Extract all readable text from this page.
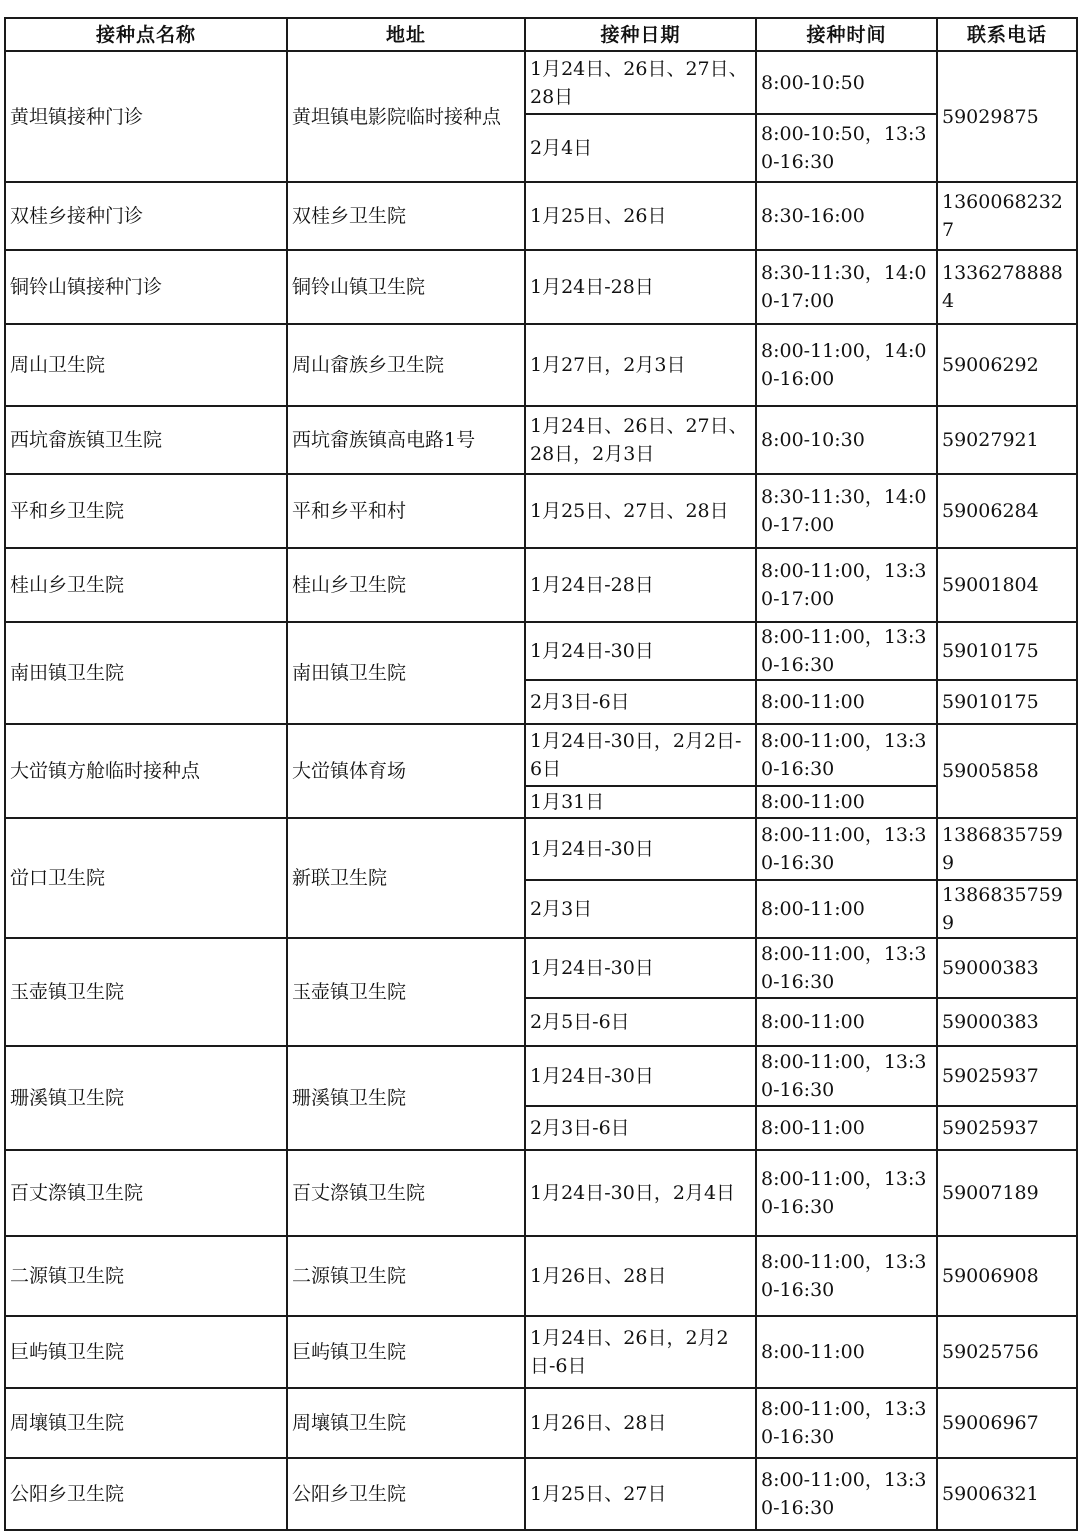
接种点名称	地址	接种日期	接种时间	联系电话
黄坦镇接种门诊	黄坦镇电影院临时接种点	1月24日、26日、27日、28日	8:00-10:50	59029875
		2月4日	8:00-10:50，13:30-16:30	
双桂乡接种门诊	双桂乡卫生院	1月25日、26日	8:30-16:00	13600682327
铜铃山镇接种门诊	铜铃山镇卫生院	1月24日-28日	8:30-11:30，14:00-17:00	13362788884
周山卫生院	周山畲族乡卫生院	1月27日，2月3日	8:00-11:00，14:00-16:00	59006292
西坑畲族镇卫生院	西坑畲族镇高电路1号	1月24日、26日、27日、28日，2月3日	8:00-10:30	59027921
平和乡卫生院	平和乡平和村	1月25日、27日、28日	8:30-11:30，14:00-17:00	59006284
桂山乡卫生院	桂山乡卫生院	1月24日-28日	8:00-11:00，13:30-17:00	59001804
南田镇卫生院	南田镇卫生院	1月24日-30日	8:00-11:00，13:30-16:30	59010175
		2月3日-6日	8:00-11:00	59010175
大峃镇方舱临时接种点	大峃镇体育场	1月24日-30日，2月2日-6日	8:00-11:00，13:30-16:30	59005858
		1月31日	8:00-11:00	
峃口卫生院	新联卫生院	1月24日-30日	8:00-11:00，13:30-16:30	13868357599
		2月3日	8:00-11:00	13868357599
玉壶镇卫生院	玉壶镇卫生院	1月24日-30日	8:00-11:00，13:30-16:30	59000383
		2月5日-6日	8:00-11:00	59000383
珊溪镇卫生院	珊溪镇卫生院	1月24日-30日	8:00-11:00，13:30-16:30	59025937
		2月3日-6日	8:00-11:00	59025937
百丈漈镇卫生院	百丈漈镇卫生院	1月24日-30日，2月4日	8:00-11:00，13:30-16:30	59007189
二源镇卫生院	二源镇卫生院	1月26日、28日	8:00-11:00，13:30-16:30	59006908
巨屿镇卫生院	巨屿镇卫生院	1月24日、26日，2月2日-6日	8:00-11:00	59025756
周壤镇卫生院	周壤镇卫生院	1月26日、28日	8:00-11:00，13:30-16:30	59006967
公阳乡卫生院	公阳乡卫生院	1月25日、27日	8:00-11:00，13:30-16:30	59006321
